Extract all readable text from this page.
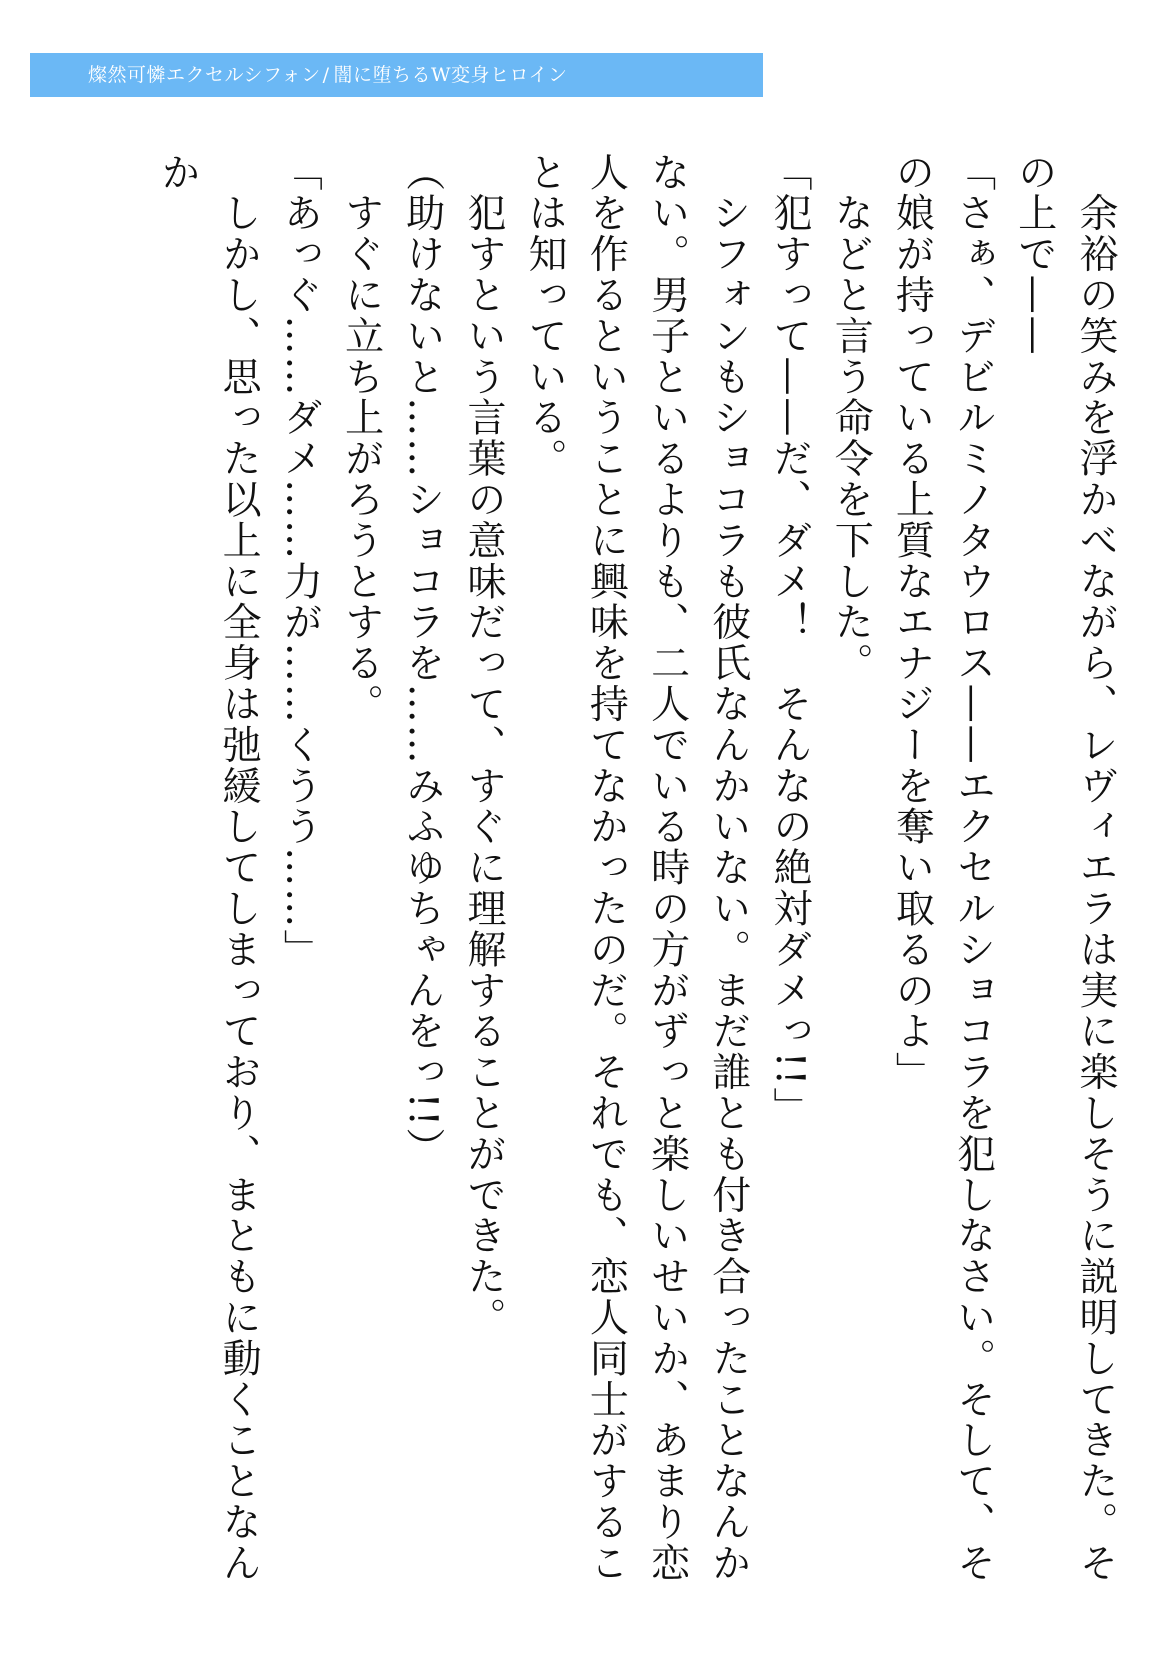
燦然可憐エクセルシフォン / 闇に堕ちるW変身ヒロイン

　余裕の笑みを浮かべながら、レヴィエラは実に楽しそうに説明してきた。その上で——

「さぁ、デビルミノタウロス——エクセルショコラを犯しなさい。そして、その娘が持っている上質なエナジーを奪い取るのよ」

　などと言う命令を下した。

「犯すって——だ、ダメ！　そんなの絶対ダメっ!!」

　シフォンもショコラも彼氏なんかいない。まだ誰とも付き合ったことなんかない。男子といるよりも、二人でいる時の方がずっと楽しいせいか、あまり恋人を作るということに興味を持てなかったのだ。それでも、恋人同士がすることは知っている。

　犯すという言葉の意味だって、すぐに理解することができた。

（助けないと……ショコラを……みふゆちゃんをっ!!）

　すぐに立ち上がろうとする。

「あっぐ……ダメ……力が……くうう……」

　しかし、思った以上に全身は弛緩してしまっており、まともに動くことなんか
